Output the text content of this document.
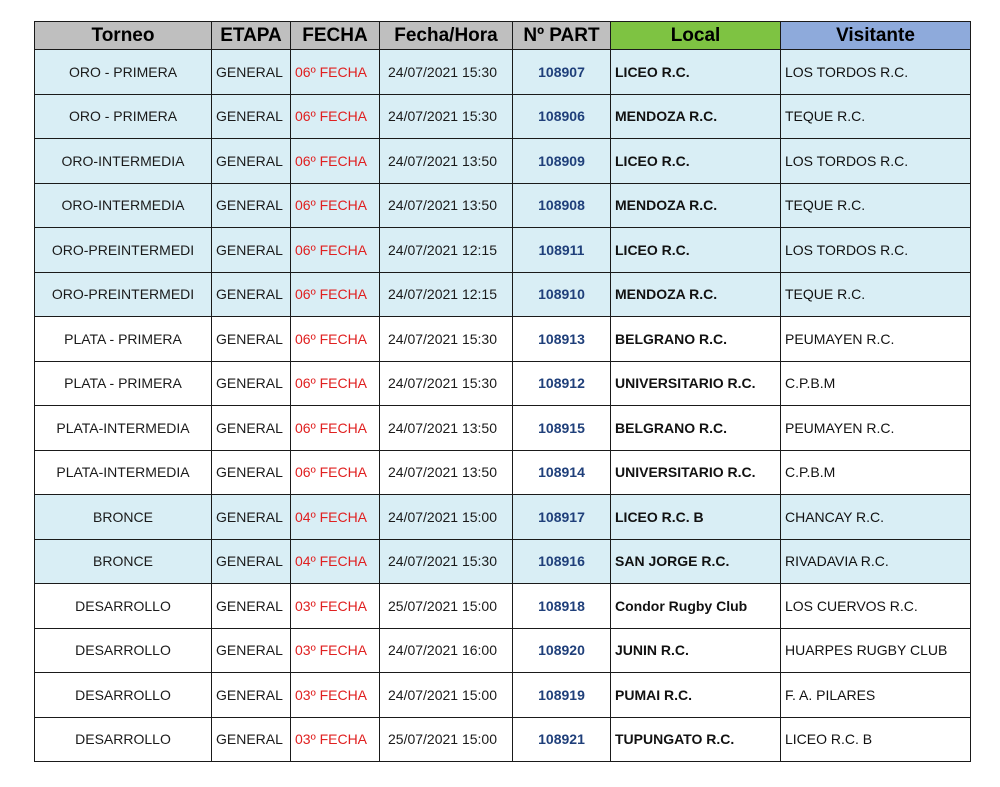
Torneo	ETAPA	FECHA	Fecha/Hora	Nº PART	Local	Visitante
ORO - PRIMERA	GENERAL	06º FECHA	24/07/2021 15:30	108907	LICEO R.C.	LOS TORDOS R.C.
ORO - PRIMERA	GENERAL	06º FECHA	24/07/2021 15:30	108906	MENDOZA R.C.	TEQUE R.C.
ORO-INTERMEDIA	GENERAL	06º FECHA	24/07/2021 13:50	108909	LICEO R.C.	LOS TORDOS R.C.
ORO-INTERMEDIA	GENERAL	06º FECHA	24/07/2021 13:50	108908	MENDOZA R.C.	TEQUE R.C.
ORO-PREINTERMEDI	GENERAL	06º FECHA	24/07/2021 12:15	108911	LICEO R.C.	LOS TORDOS R.C.
ORO-PREINTERMEDI	GENERAL	06º FECHA	24/07/2021 12:15	108910	MENDOZA R.C.	TEQUE R.C.
PLATA - PRIMERA	GENERAL	06º FECHA	24/07/2021 15:30	108913	BELGRANO R.C.	PEUMAYEN R.C.
PLATA - PRIMERA	GENERAL	06º FECHA	24/07/2021 15:30	108912	UNIVERSITARIO R.C.	C.P.B.M
PLATA-INTERMEDIA	GENERAL	06º FECHA	24/07/2021 13:50	108915	BELGRANO R.C.	PEUMAYEN R.C.
PLATA-INTERMEDIA	GENERAL	06º FECHA	24/07/2021 13:50	108914	UNIVERSITARIO R.C.	C.P.B.M
BRONCE	GENERAL	04º FECHA	24/07/2021 15:00	108917	LICEO R.C. B	CHANCAY R.C.
BRONCE	GENERAL	04º FECHA	24/07/2021 15:30	108916	SAN JORGE R.C.	RIVADAVIA R.C.
DESARROLLO	GENERAL	03º FECHA	25/07/2021 15:00	108918	Condor Rugby Club	LOS CUERVOS R.C.
DESARROLLO	GENERAL	03º FECHA	24/07/2021 16:00	108920	JUNIN R.C.	HUARPES RUGBY CLUB
DESARROLLO	GENERAL	03º FECHA	24/07/2021 15:00	108919	PUMAI R.C.	F. A. PILARES
DESARROLLO	GENERAL	03º FECHA	25/07/2021 15:00	108921	TUPUNGATO R.C.	LICEO R.C. B
